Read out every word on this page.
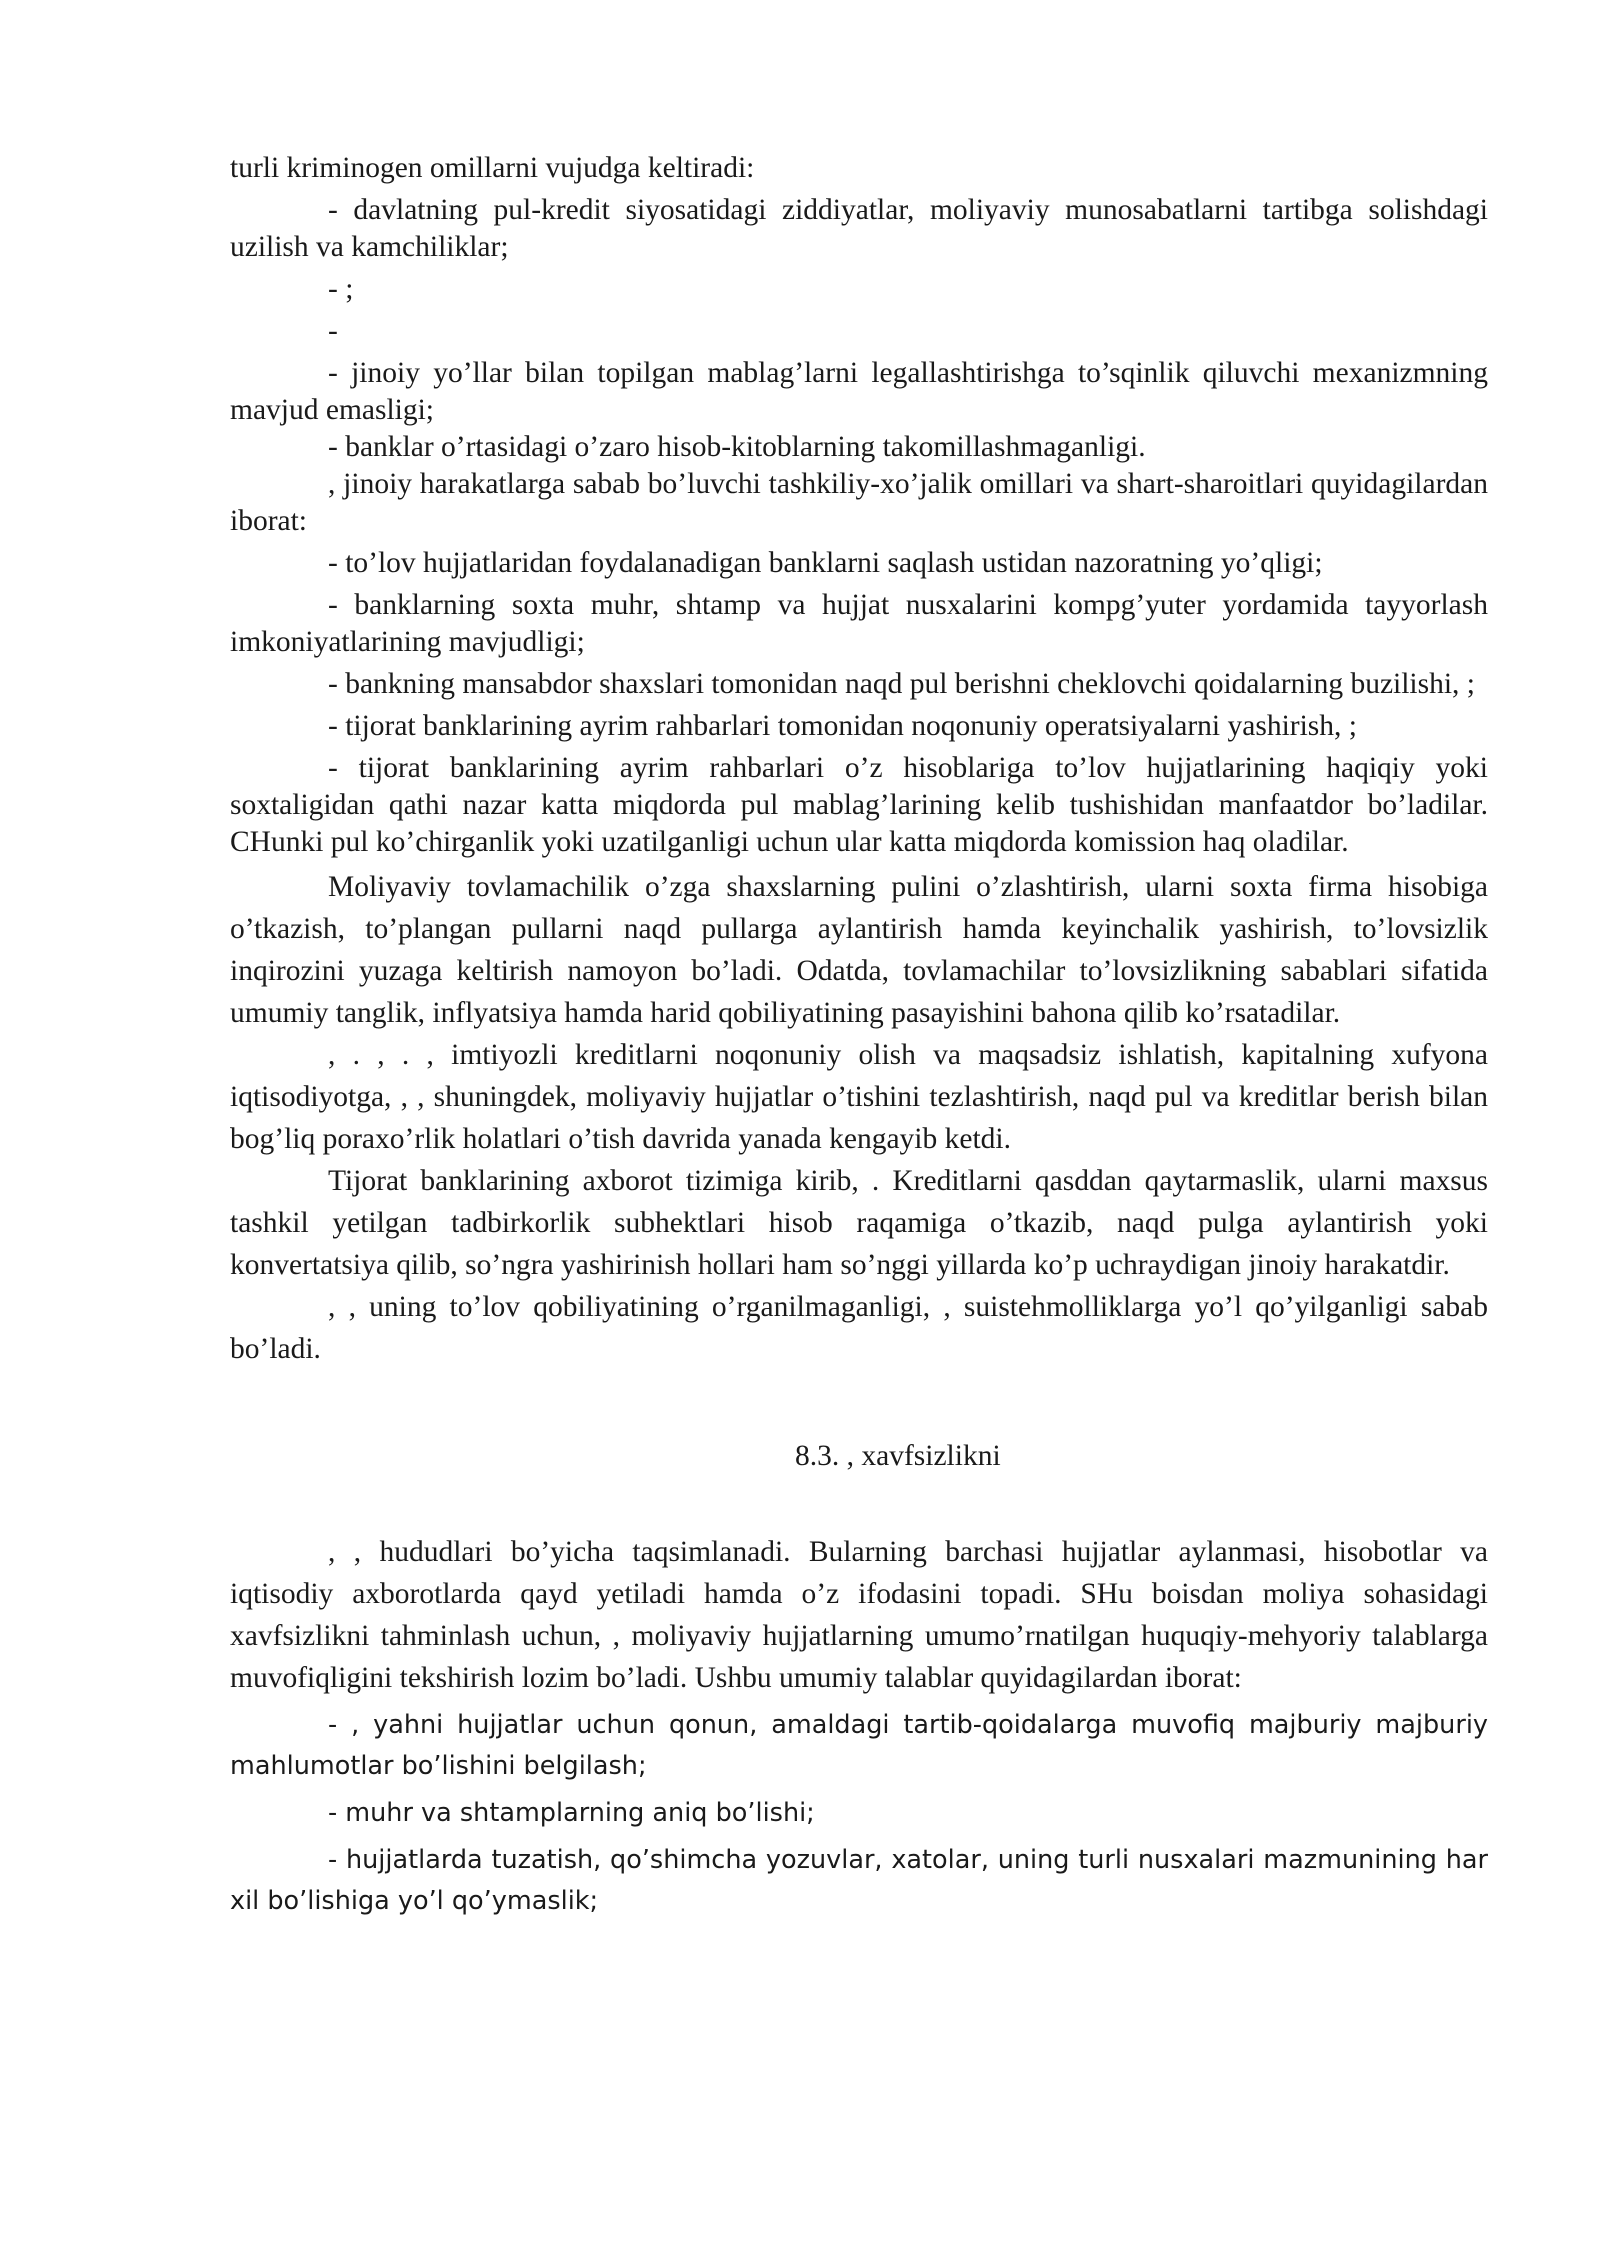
turli kriminogen omillarni vujudga keltiradi:

- davlatning pul-kredit siyosatidagi ziddiyatlar, moliyaviy munosabatlarni tartibga solishdagi uzilish va kamchiliklar;

- ;

-

- jinoiy yo’llar bilan topilgan mablag’larni legallashtirishga to’sqinlik qiluvchi mexanizmning mavjud emasligi;

- banklar o’rtasidagi o’zaro hisob-kitoblarning takomillashmaganligi.

, jinoiy harakatlarga sabab bo’luvchi tashkiliy-xo’jalik omillari va shart-sharoitlari quyidagilardan iborat:

- to’lov hujjatlaridan foydalanadigan banklarni saqlash ustidan nazoratning yo’qligi;

- banklarning soxta muhr, shtamp va hujjat nusxalarini kompg’yuter yordamida tayyorlash imkoniyatlarining mavjudligi;

- bankning mansabdor shaxslari tomonidan naqd pul berishni cheklovchi qoidalarning buzilishi, ;

- tijorat banklarining ayrim rahbarlari tomonidan noqonuniy operatsiyalarni yashirish, ;

- tijorat banklarining ayrim rahbarlari o’z hisoblariga to’lov hujjatlarining haqiqiy yoki soxtaligidan qathi nazar katta miqdorda pul mablag’larining kelib tushishidan manfaatdor bo’ladilar. CHunki pul ko’chirganlik yoki uzatilganligi uchun ular katta miqdorda komission haq oladilar.

Moliyaviy tovlamachilik o’zga shaxslarning pulini o’zlashtirish, ularni soxta firma hisobiga o’tkazish, to’plangan pullarni naqd pullarga aylantirish hamda keyinchalik yashirish, to’lovsizlik inqirozini yuzaga keltirish namoyon bo’ladi. Odatda, tovlamachilar to’lovsizlikning sabablari sifatida umumiy tanglik, inflyatsiya hamda harid qobiliyatining pasayishini bahona qilib ko’rsatadilar.

, . , . , imtiyozli kreditlarni noqonuniy olish va maqsadsiz ishlatish, kapitalning xufyona iqtisodiyotga, , , shuningdek, moliyaviy hujjatlar o’tishini tezlashtirish, naqd pul va kreditlar berish bilan bog’liq poraxo’rlik holatlari o’tish davrida yanada kengayib ketdi.

Tijorat banklarining axborot tizimiga kirib, . Kreditlarni qasddan qaytarmaslik, ularni maxsus tashkil yetilgan tadbirkorlik subhektlari hisob raqamiga o’tkazib, naqd pulga aylantirish yoki konvertatsiya qilib, so’ngra yashirinish hollari ham so’nggi yillarda ko’p uchraydigan jinoiy harakatdir.

, , uning to’lov qobiliyatining o’rganilmaganligi, , suistehmolliklarga yo’l qo’yilganligi sabab bo’ladi.

8.3. , xavfsizlikni

, , hududlari bo’yicha taqsimlanadi. Bularning barchasi hujjatlar aylanmasi, hisobotlar va iqtisodiy axborotlarda qayd yetiladi hamda o’z ifodasini topadi. SHu boisdan moliya sohasidagi xavfsizlikni tahminlash uchun, , moliyaviy hujjatlarning umumo’rnatilgan huquqiy-mehyoriy talablarga muvofiqligini tekshirish lozim bo’ladi. Ushbu umumiy talablar quyidagilardan iborat:

- , yahni hujjatlar uchun qonun, amaldagi tartib-qoidalarga muvofiq majburiy majburiy mahlumotlar bo’lishini belgilash;

- muhr va shtamplarning aniq bo’lishi;

- hujjatlarda tuzatish, qo’shimcha yozuvlar, xatolar, uning turli nusxalari mazmunining har xil bo’lishiga yo’l qo’ymaslik;
